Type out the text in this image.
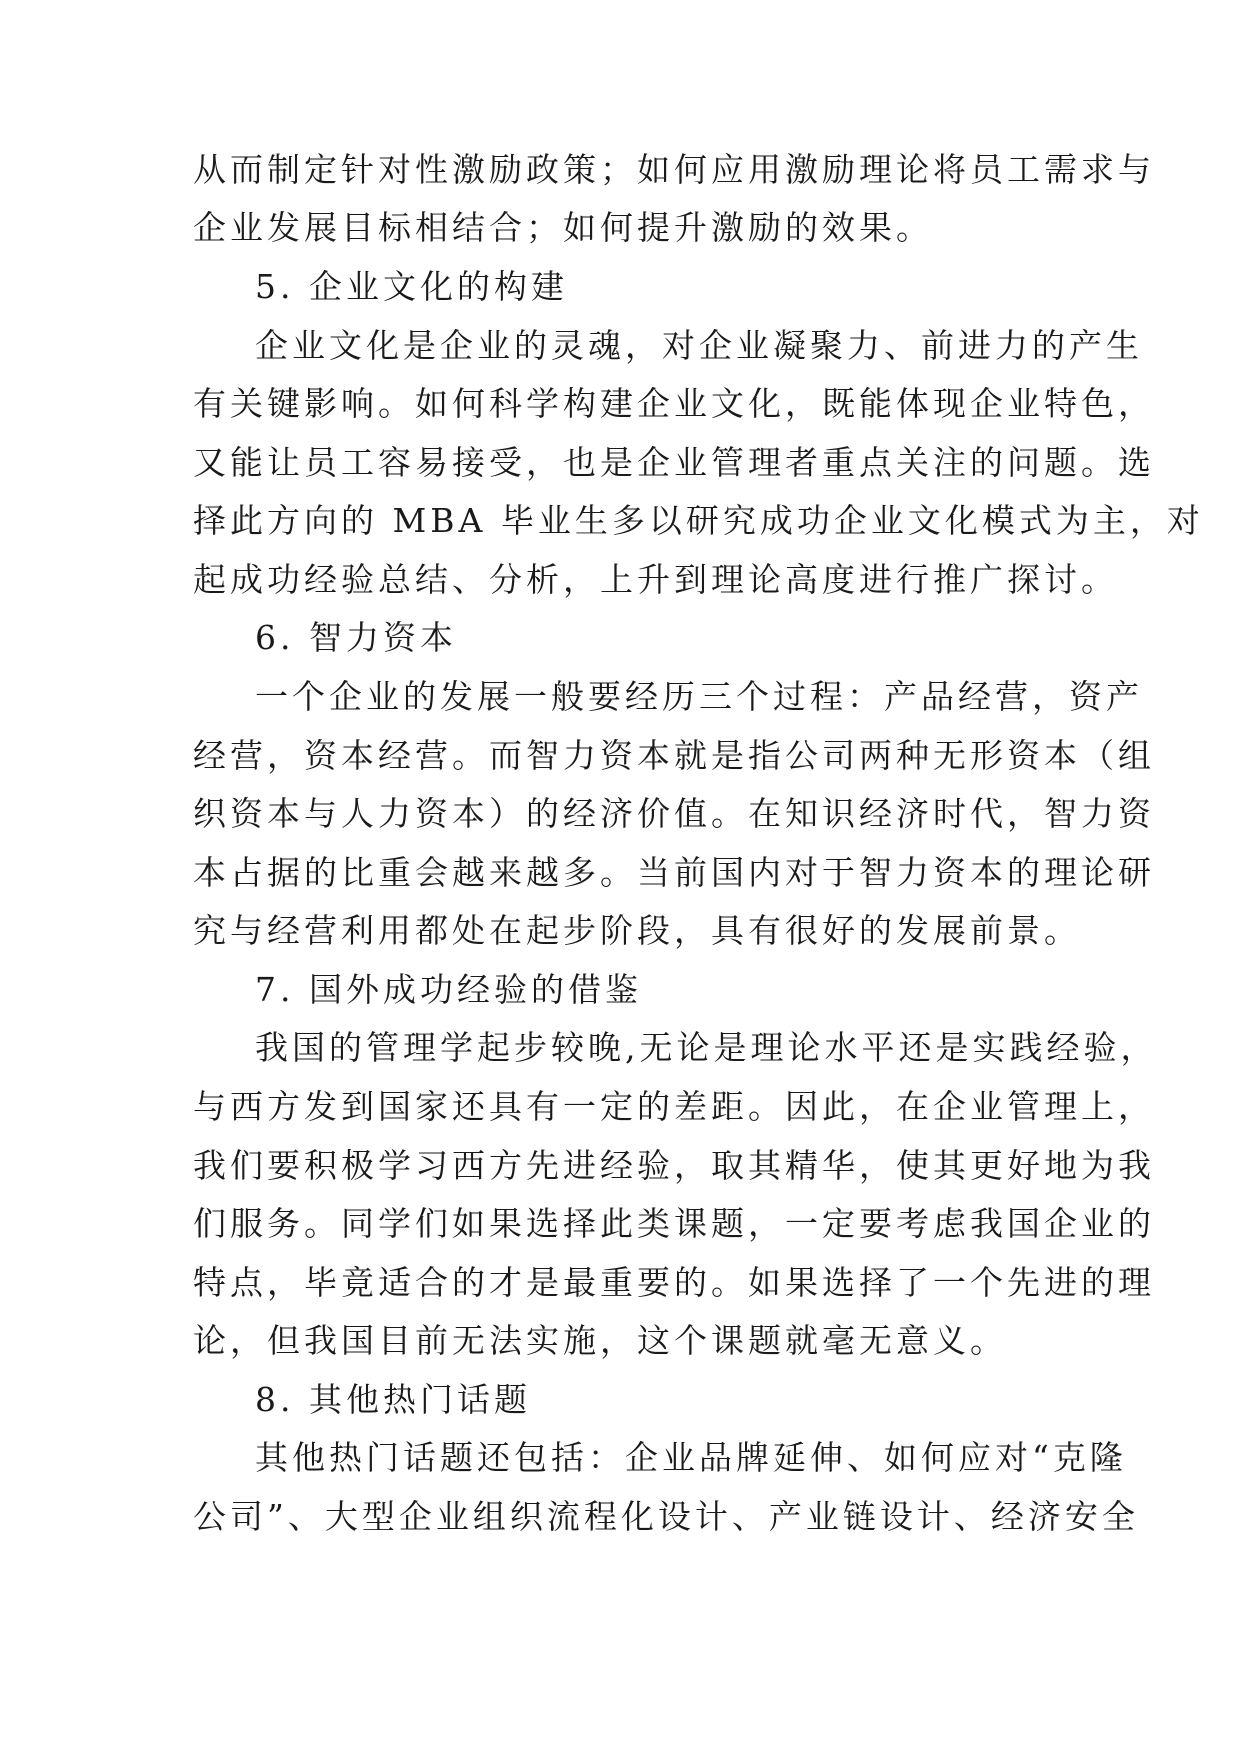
从而制定针对性激励政策；如何应用激励理论将员工需求与
企业发展目标相结合；如何提升激励的效果。
5. 企业文化的构建
企业文化是企业的灵魂，对企业凝聚力、前进力的产生
有关键影响。如何科学构建企业文化，既能体现企业特色，
又能让员工容易接受，也是企业管理者重点关注的问题。选
择此方向的 MBA 毕业生多以研究成功企业文化模式为主，对
起成功经验总结、分析，上升到理论高度进行推广探讨。
6. 智力资本
一个企业的发展一般要经历三个过程：产品经营，资产
经营，资本经营。而智力资本就是指公司两种无形资本（组
织资本与人力资本）的经济价值。在知识经济时代，智力资
本占据的比重会越来越多。当前国内对于智力资本的理论研
究与经营利用都处在起步阶段，具有很好的发展前景。
7. 国外成功经验的借鉴
我国的管理学起步较晚,无论是理论水平还是实践经验，
与西方发到国家还具有一定的差距。因此，在企业管理上，
我们要积极学习西方先进经验，取其精华，使其更好地为我
们服务。同学们如果选择此类课题，一定要考虑我国企业的
特点，毕竟适合的才是最重要的。如果选择了一个先进的理
论，但我国目前无法实施，这个课题就毫无意义。
8. 其他热门话题
其他热门话题还包括：企业品牌延伸、如何应对“克隆
公司”、大型企业组织流程化设计、产业链设计、经济安全
